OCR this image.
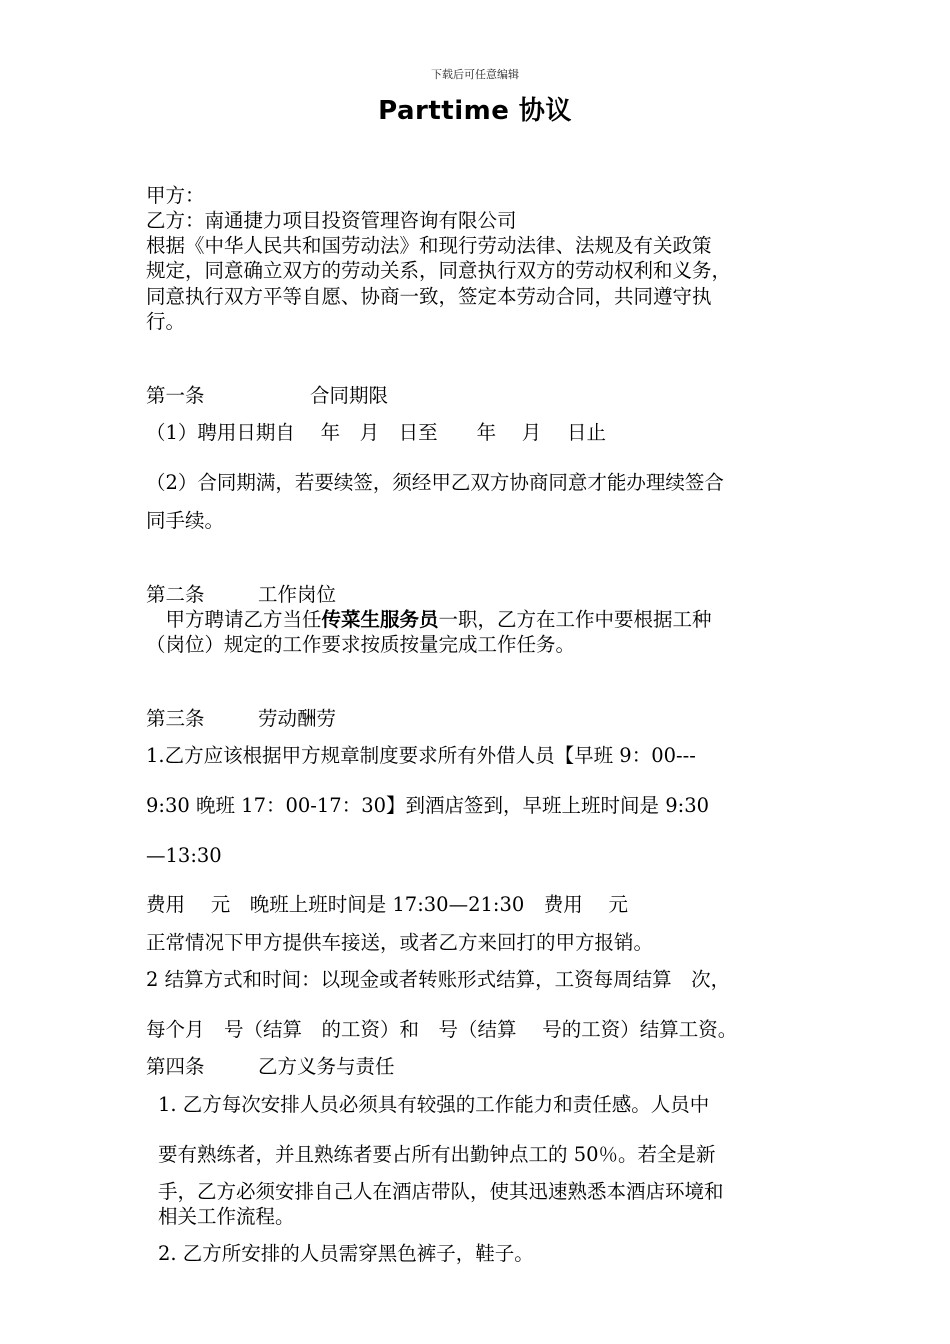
下载后可任意编辑
Parttime 协议
甲方：
乙方：南通捷力项目投资管理咨询有限公司
根据《中华人民共和国劳动法》和现行劳动法律、法规及有关政策
规定，同意确立双方的劳动关系，同意执行双方的劳动权利和义务，
同意执行双方平等自愿、协商一致，签定本劳动合同，共同遵守执
行。
第一条	合同期限
（1）聘用日期自　 年　月　日至　　年　 月　 日止
（2）合同期满，若要续签，须经甲乙双方协商同意才能办理续签合
同手续。
第二条	工作岗位
　甲方聘请乙方当任传菜生服务员一职，乙方在工作中要根据工种
（岗位）规定的工作要求按质按量完成工作任务。
第三条	劳动酬劳
1.乙方应该根据甲方规章制度要求所有外借人员【早班 9：00---
9:30 晚班 17：00-17：30】到酒店签到，早班上班时间是 9:30
—13:30
费用　 元　晚班上班时间是 17:30—21:30　费用　 元
正常情况下甲方提供车接送，或者乙方来回打的甲方报销。
2 结算方式和时间：以现金或者转账形式结算，工资每周结算　次，
每个月　号（结算　的工资）和　号（结算　 号的工资）结算工资。
第四条	乙方义务与责任
1. 乙方每次安排人员必须具有较强的工作能力和责任感。人员中
要有熟练者，并且熟练者要占所有出勤钟点工的 50％。若全是新
手，乙方必须安排自己人在酒店带队，使其迅速熟悉本酒店环境和
相关工作流程。
2. 乙方所安排的人员需穿黑色裤子，鞋子。
